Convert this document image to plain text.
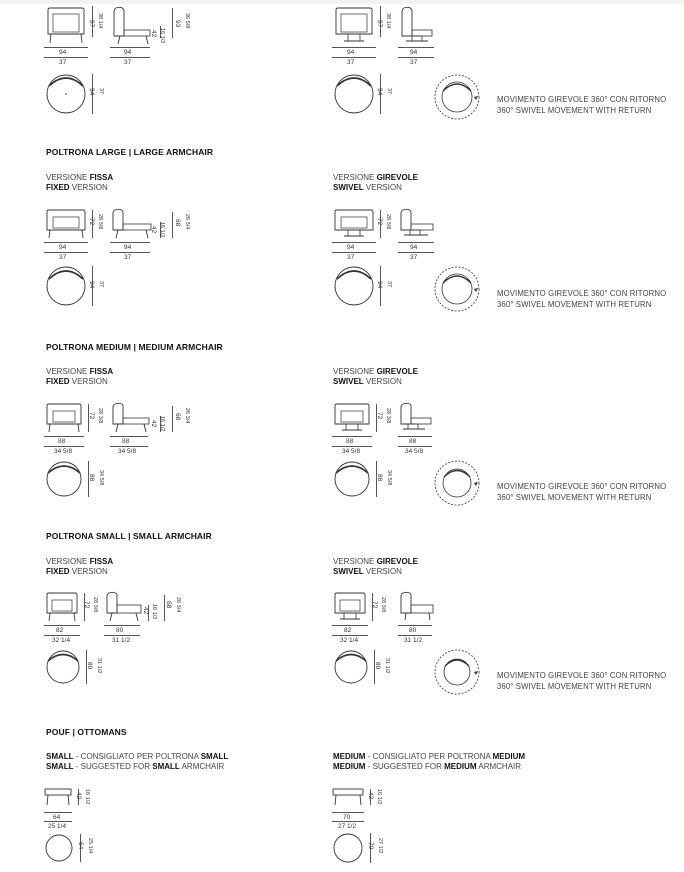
97 38 1/4
42 16 1/2
93 36 5/8
94
37
94
37
94 37
97 38 1/4
94
37
94
37
94 37
MOVIMENTO GIREVOLE 360° CON RITORNO
360° SWIVEL MOVEMENT WITH RETURN
POLTRONA LARGE | LARGE ARMCHAIR
VERSIONE FISSA
FIXED VERSION
VERSIONE GIREVOLE
SWIVEL VERSION
72 28 3/8
42 16 1/2 68 26 3/4
94
37
94
37
94 37
72 28 3/8
94
37
94
37
94 37
MOVIMENTO GIREVOLE 360° CON RITORNO
360° SWIVEL MOVEMENT WITH RETURN
POLTRONA MEDIUM | MEDIUM ARMCHAIR
VERSIONE FISSA
FIXED VERSION
VERSIONE GIREVOLE
SWIVEL VERSION
72 28 3/8
42 16 1/2 68 26 3/4
88
34 5/8
88
34 5/8
88 34 5/8
72 28 3/8
88
34 5/8
88
34 5/8
88 34 5/8
MOVIMENTO GIREVOLE 360° CON RITORNO
360° SWIVEL MOVEMENT WITH RETURN
POLTRONA SMALL | SMALL ARMCHAIR
VERSIONE FISSA
FIXED VERSION
VERSIONE GIREVOLE
SWIVEL VERSION
72 28 3/8	42 16 1/2 68 26 3/4
82
32 1/4
80
31 1/2
80 31 1/2
72 28 3/8
82
32 1/4
80
31 1/2
80 31 1/2
MOVIMENTO GIREVOLE 360° CON RITORNO
360° SWIVEL MOVEMENT WITH RETURN
POUF | OTTOMANS
SMALL - CONSIGLIATO PER POLTRONA SMALL
SMALL - SUGGESTED FOR SMALL ARMCHAIR
MEDIUM - CONSIGLIATO PER POLTRONA MEDIUM
MEDIUM - SUGGESTED FOR MEDIUM ARMCHAIR
42 16 1/2
64
25 1/4
64 25 1/4
42 16 1/2
70
27 1/2
70 27 1/2
